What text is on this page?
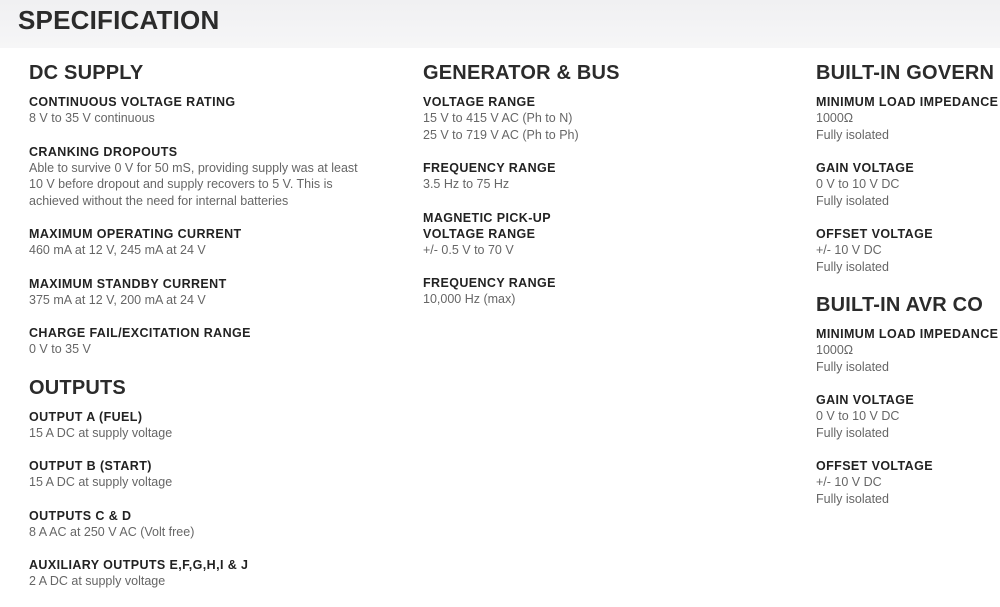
SPECIFICATION
DC SUPPLY
CONTINUOUS VOLTAGE RATING
8 V to 35 V continuous
CRANKING DROPOUTS
Able to survive 0 V for 50 mS, providing supply was at least
10 V before dropout and supply recovers to 5 V. This is
achieved without the need for internal batteries
MAXIMUM OPERATING CURRENT
460 mA at 12 V, 245 mA at 24 V
MAXIMUM STANDBY CURRENT
375 mA at 12 V, 200 mA at 24 V
CHARGE FAIL/EXCITATION RANGE
0 V to 35 V
OUTPUTS
OUTPUT A (FUEL)
15 A DC at supply voltage
OUTPUT B (START)
15 A DC at supply voltage
OUTPUTS C & D
8 A AC at 250 V AC (Volt free)
AUXILIARY OUTPUTS E,F,G,H,I & J
2 A DC at supply voltage
GENERATOR & BUS
VOLTAGE RANGE
15 V to 415 V AC (Ph to N)
25 V to 719 V AC (Ph to Ph)
FREQUENCY RANGE
3.5 Hz to 75 Hz
MAGNETIC PICK-UP
VOLTAGE RANGE
+/- 0.5 V to 70 V
FREQUENCY RANGE
10,000 Hz (max)
BUILT-IN GOVERN
MINIMUM LOAD IMPEDANCE
1000Ω
Fully isolated
GAIN VOLTAGE
0 V to 10 V DC
Fully isolated
OFFSET VOLTAGE
+/- 10 V DC
Fully isolated
BUILT-IN AVR CO
MINIMUM LOAD IMPEDANCE
1000Ω
Fully isolated
GAIN VOLTAGE
0 V to 10 V DC
Fully isolated
OFFSET VOLTAGE
+/- 10 V DC
Fully isolated
